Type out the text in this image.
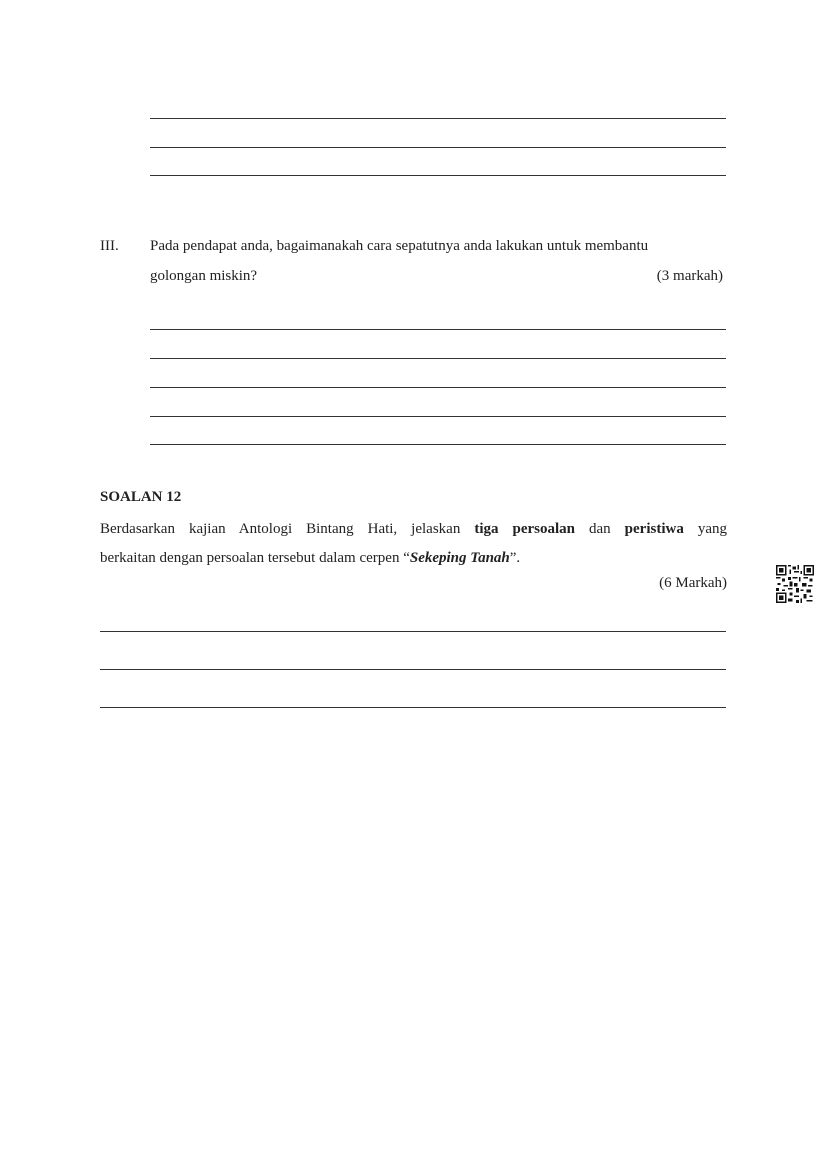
III. Pada pendapat anda, bagaimanakah cara sepatutnya anda lakukan untuk membantu
golongan miskin?	(3 markah)
SOALAN 12
Berdasarkan kajian Antologi Bintang Hati, jelaskan tiga persoalan dan peristiwa yang
berkaitan dengan persoalan tersebut dalam cerpen “Sekeping Tanah”.
(6 Markah)
